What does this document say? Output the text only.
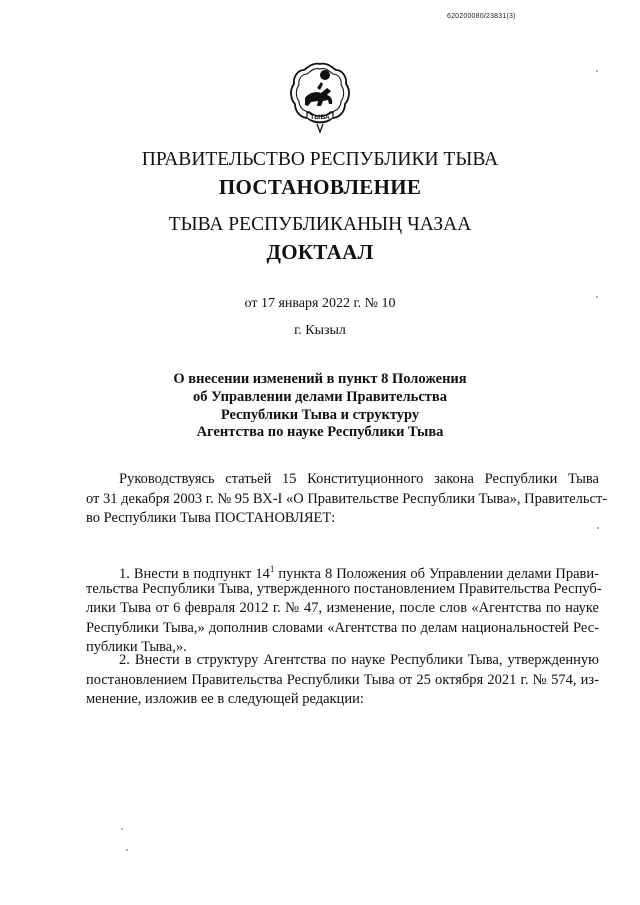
620200080/23831(3)
ТЫВА
ПРАВИТЕЛЬСТВО РЕСПУБЛИКИ ТЫВА
ПОСТАНОВЛЕНИЕ
ТЫВА РЕСПУБЛИКАНЫҢ ЧАЗАА
ДОКТААЛ
от 17 января 2022 г. № 10
г. Кызыл
О внесении изменений в пункт 8 Положения
об Управлении делами Правительства
Республики Тыва и структуру
Агентства по науке Республики Тыва
Руководствуясь статьей 15 Конституционного закона Республики Тыва
от 31 декабря 2003 г. № 95 ВХ-I «О Правительстве Республики Тыва», Правительст-
во Республики Тыва ПОСТАНОВЛЯЕТ:
1. Внести в подпункт $14^1$ пункта 8 Положения об Управлении делами Прави-
тельства Республики Тыва, утвержденного постановлением Правительства Респуб-
лики Тыва от 6 февраля 2012 г. № 47, изменение, после слов «Агентства по науке
Республики Тыва,» дополнив словами «Агентства по делам национальностей Рес-
публики Тыва,».
2. Внести в структуру Агентства по науке Республики Тыва, утвержденную
постановлением Правительства Республики Тыва от 25 октября 2021 г. № 574, из-
менение, изложив ее в следующей редакции:
